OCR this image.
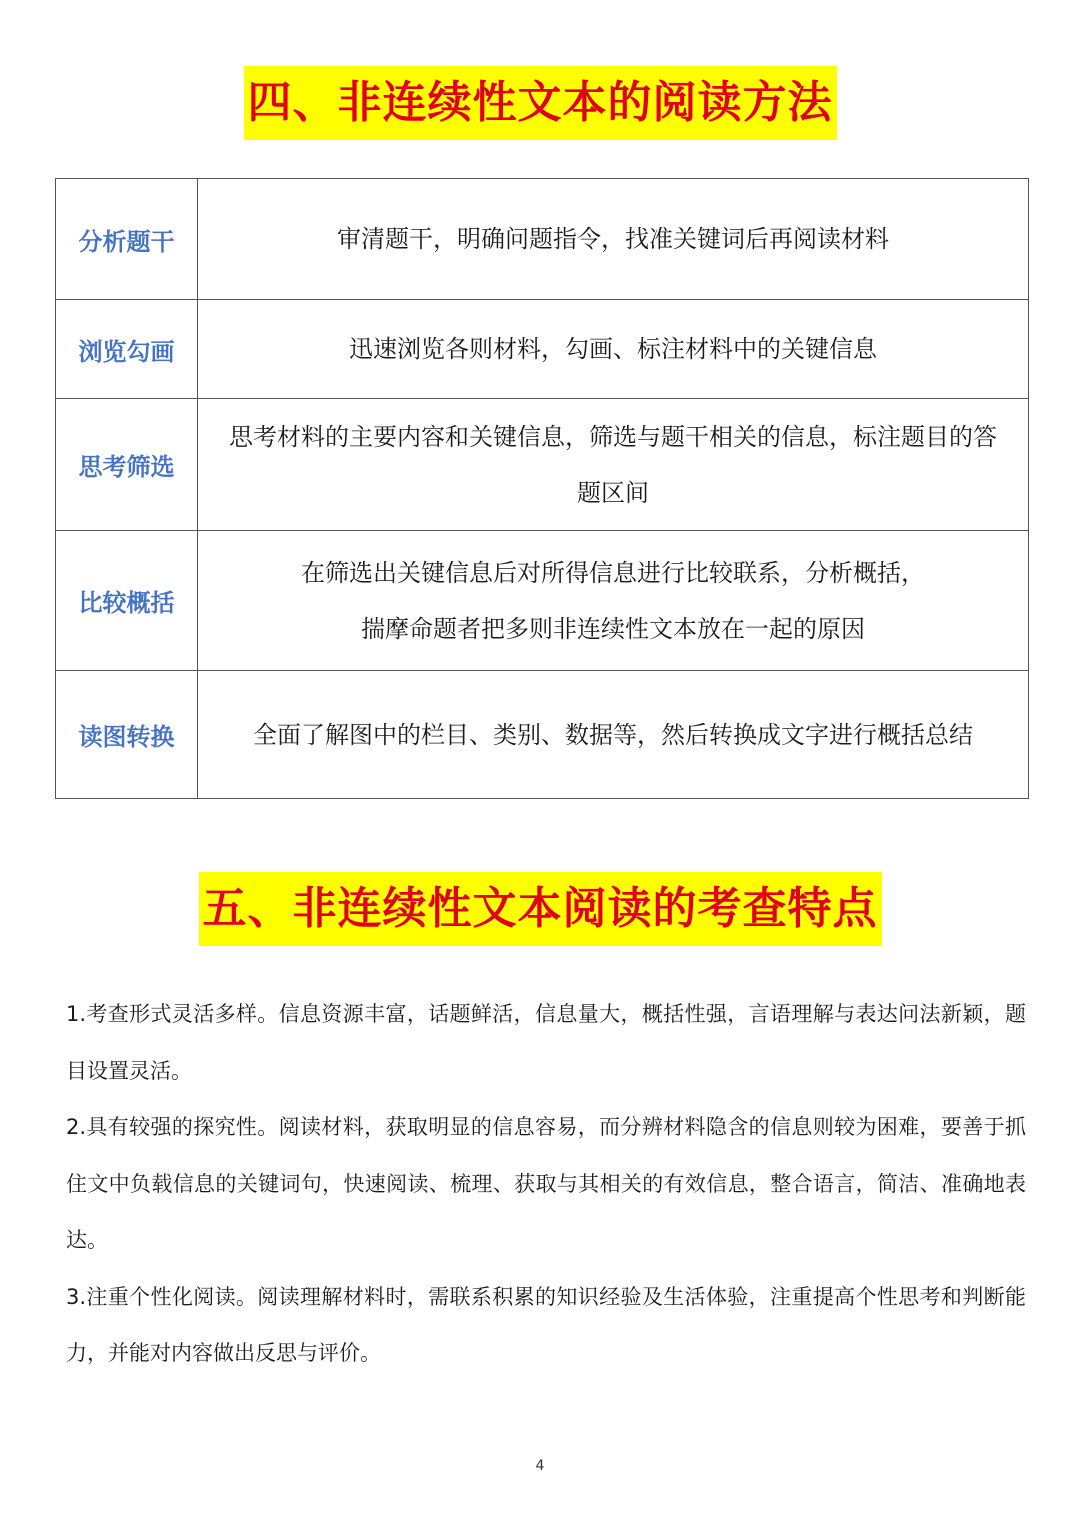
四、非连续性文本的阅读方法
分析题干	审清题干，明确问题指令，找准关键词后再阅读材料

浏览勾画	迅速浏览各则材料，勾画、标注材料中的关键信息

思考筛选	思考材料的主要内容和关键信息，筛选与题干相关的信息，标注题目的答
题区间

比较概括	在筛选出关键信息后对所得信息进行比较联系，分析概括，
揣摩命题者把多则非连续性文本放在一起的原因

读图转换	全面了解图中的栏目、类别、数据等，然后转换成文字进行概括总结
五、非连续性文本阅读的考查特点

1.考查形式灵活多样。信息资源丰富，话题鲜活，信息量大，概括性强，言语理解与表达问法新颖，题目设置灵活。

2.具有较强的探究性。阅读材料，获取明显的信息容易，而分辨材料隐含的信息则较为困难，要善于抓住文中负载信息的关键词句，快速阅读、梳理、获取与其相关的有效信息，整合语言，简洁、准确地表达。

3.注重个性化阅读。阅读理解材料时，需联系积累的知识经验及生活体验，注重提高个性思考和判断能力，并能对内容做出反思与评价。

4
